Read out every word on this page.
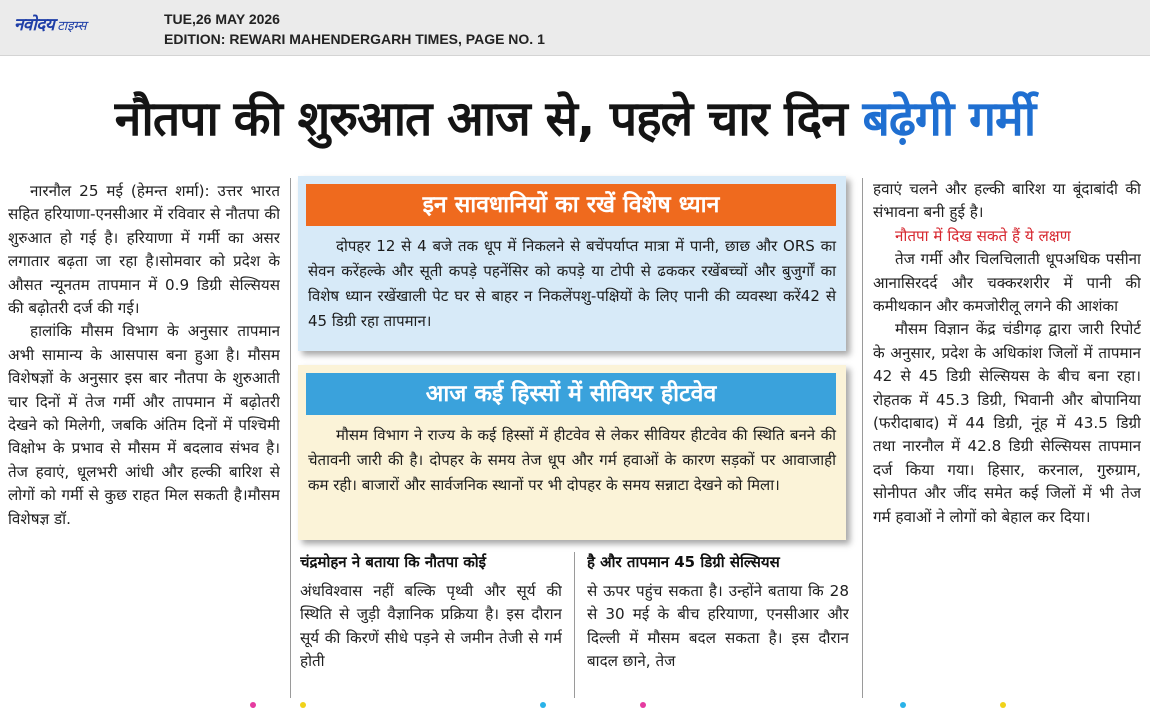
नवोदय टाइम्स	TUE,26 MAY 2026
EDITION: REWARI MAHENDERGARH TIMES, PAGE NO. 1
नौतपा की शुरुआत आज से, पहले चार दिन बढ़ेगी गर्मी

नारनौल 25 मई (हेमन्त शर्मा): उत्तर भारत सहित हरियाणा-एनसीआर में रविवार से नौतपा की शुरुआत हो गई है। हरियाणा में गर्मी का असर लगातार बढ़ता जा रहा है।सोमवार को प्रदेश के औसत न्यूनतम तापमान में 0.9 डिग्री सेल्सियस की बढ़ोतरी दर्ज की गई।

हालांकि मौसम विभाग के अनुसार तापमान अभी सामान्य के आसपास बना हुआ है। मौसम विशेषज्ञों के अनुसार इस बार नौतपा के शुरुआती चार दिनों में तेज गर्मी और तापमान में बढ़ोतरी देखने को मिलेगी, जबकि अंतिम दिनों में पश्चिमी विक्षोभ के प्रभाव से मौसम में बदलाव संभव है। तेज हवाएं, धूलभरी आंधी और हल्की बारिश से लोगों को गर्मी से कुछ राहत मिल सकती है।मौसम विशेषज्ञ डॉ.

इन सावधानियों का रखें विशेष ध्यान
दोपहर 12 से 4 बजे तक धूप में निकलने से बचेंपर्याप्त मात्रा में पानी, छाछ और ORS का सेवन करेंहल्के और सूती कपड़े पहनेंसिर को कपड़े या टोपी से ढककर रखेंबच्चों और बुजुर्गों का विशेष ध्यान रखेंखाली पेट घर से बाहर न निकलेंपशु-पक्षियों के लिए पानी की व्यवस्था करें42 से 45 डिग्री रहा तापमान।
आज कई हिस्सों में सीवियर हीटवेव
मौसम विभाग ने राज्य के कई हिस्सों में हीटवेव से लेकर सीवियर हीटवेव की स्थिति बनने की चेतावनी जारी की है। दोपहर के समय तेज धूप और गर्म हवाओं के कारण सड़कों पर आवाजाही कम रही। बाजारों और सार्वजनिक स्थानों पर भी दोपहर के समय सन्नाटा देखने को मिला।
चंद्रमोहन ने बताया कि नौतपा कोई

अंधविश्वास नहीं बल्कि पृथ्वी और सूर्य की स्थिति से जुड़ी वैज्ञानिक प्रक्रिया है। इस दौरान सूर्य की किरणें सीधे पड़ने से जमीन तेजी से गर्म होती

है और तापमान 45 डिग्री सेल्सियस

से ऊपर पहुंच सकता है। उन्होंने बताया कि 28 से 30 मई के बीच हरियाणा, एनसीआर और दिल्ली में मौसम बदल सकता है। इस दौरान बादल छाने, तेज

हवाएं चलने और हल्की बारिश या बूंदाबांदी की संभावना बनी हुई है।

नौतपा में दिख सकते हैं ये लक्षण

तेज गर्मी और चिलचिलाती धूपअधिक पसीना आनासिरदर्द और चक्करशरीर में पानी की कमीथकान और कमजोरीलू लगने की आशंका

मौसम विज्ञान केंद्र चंडीगढ़ द्वारा जारी रिपोर्ट के अनुसार, प्रदेश के अधिकांश जिलों में तापमान 42 से 45 डिग्री सेल्सियस के बीच बना रहा। रोहतक में 45.3 डिग्री, भिवानी और बोपानिया (फरीदाबाद) में 44 डिग्री, नूंह में 43.5 डिग्री तथा नारनौल में 42.8 डिग्री सेल्सियस तापमान दर्ज किया गया। हिसार, करनाल, गुरुग्राम, सोनीपत और जींद समेत कई जिलों में भी तेज गर्म हवाओं ने लोगों को बेहाल कर दिया।
